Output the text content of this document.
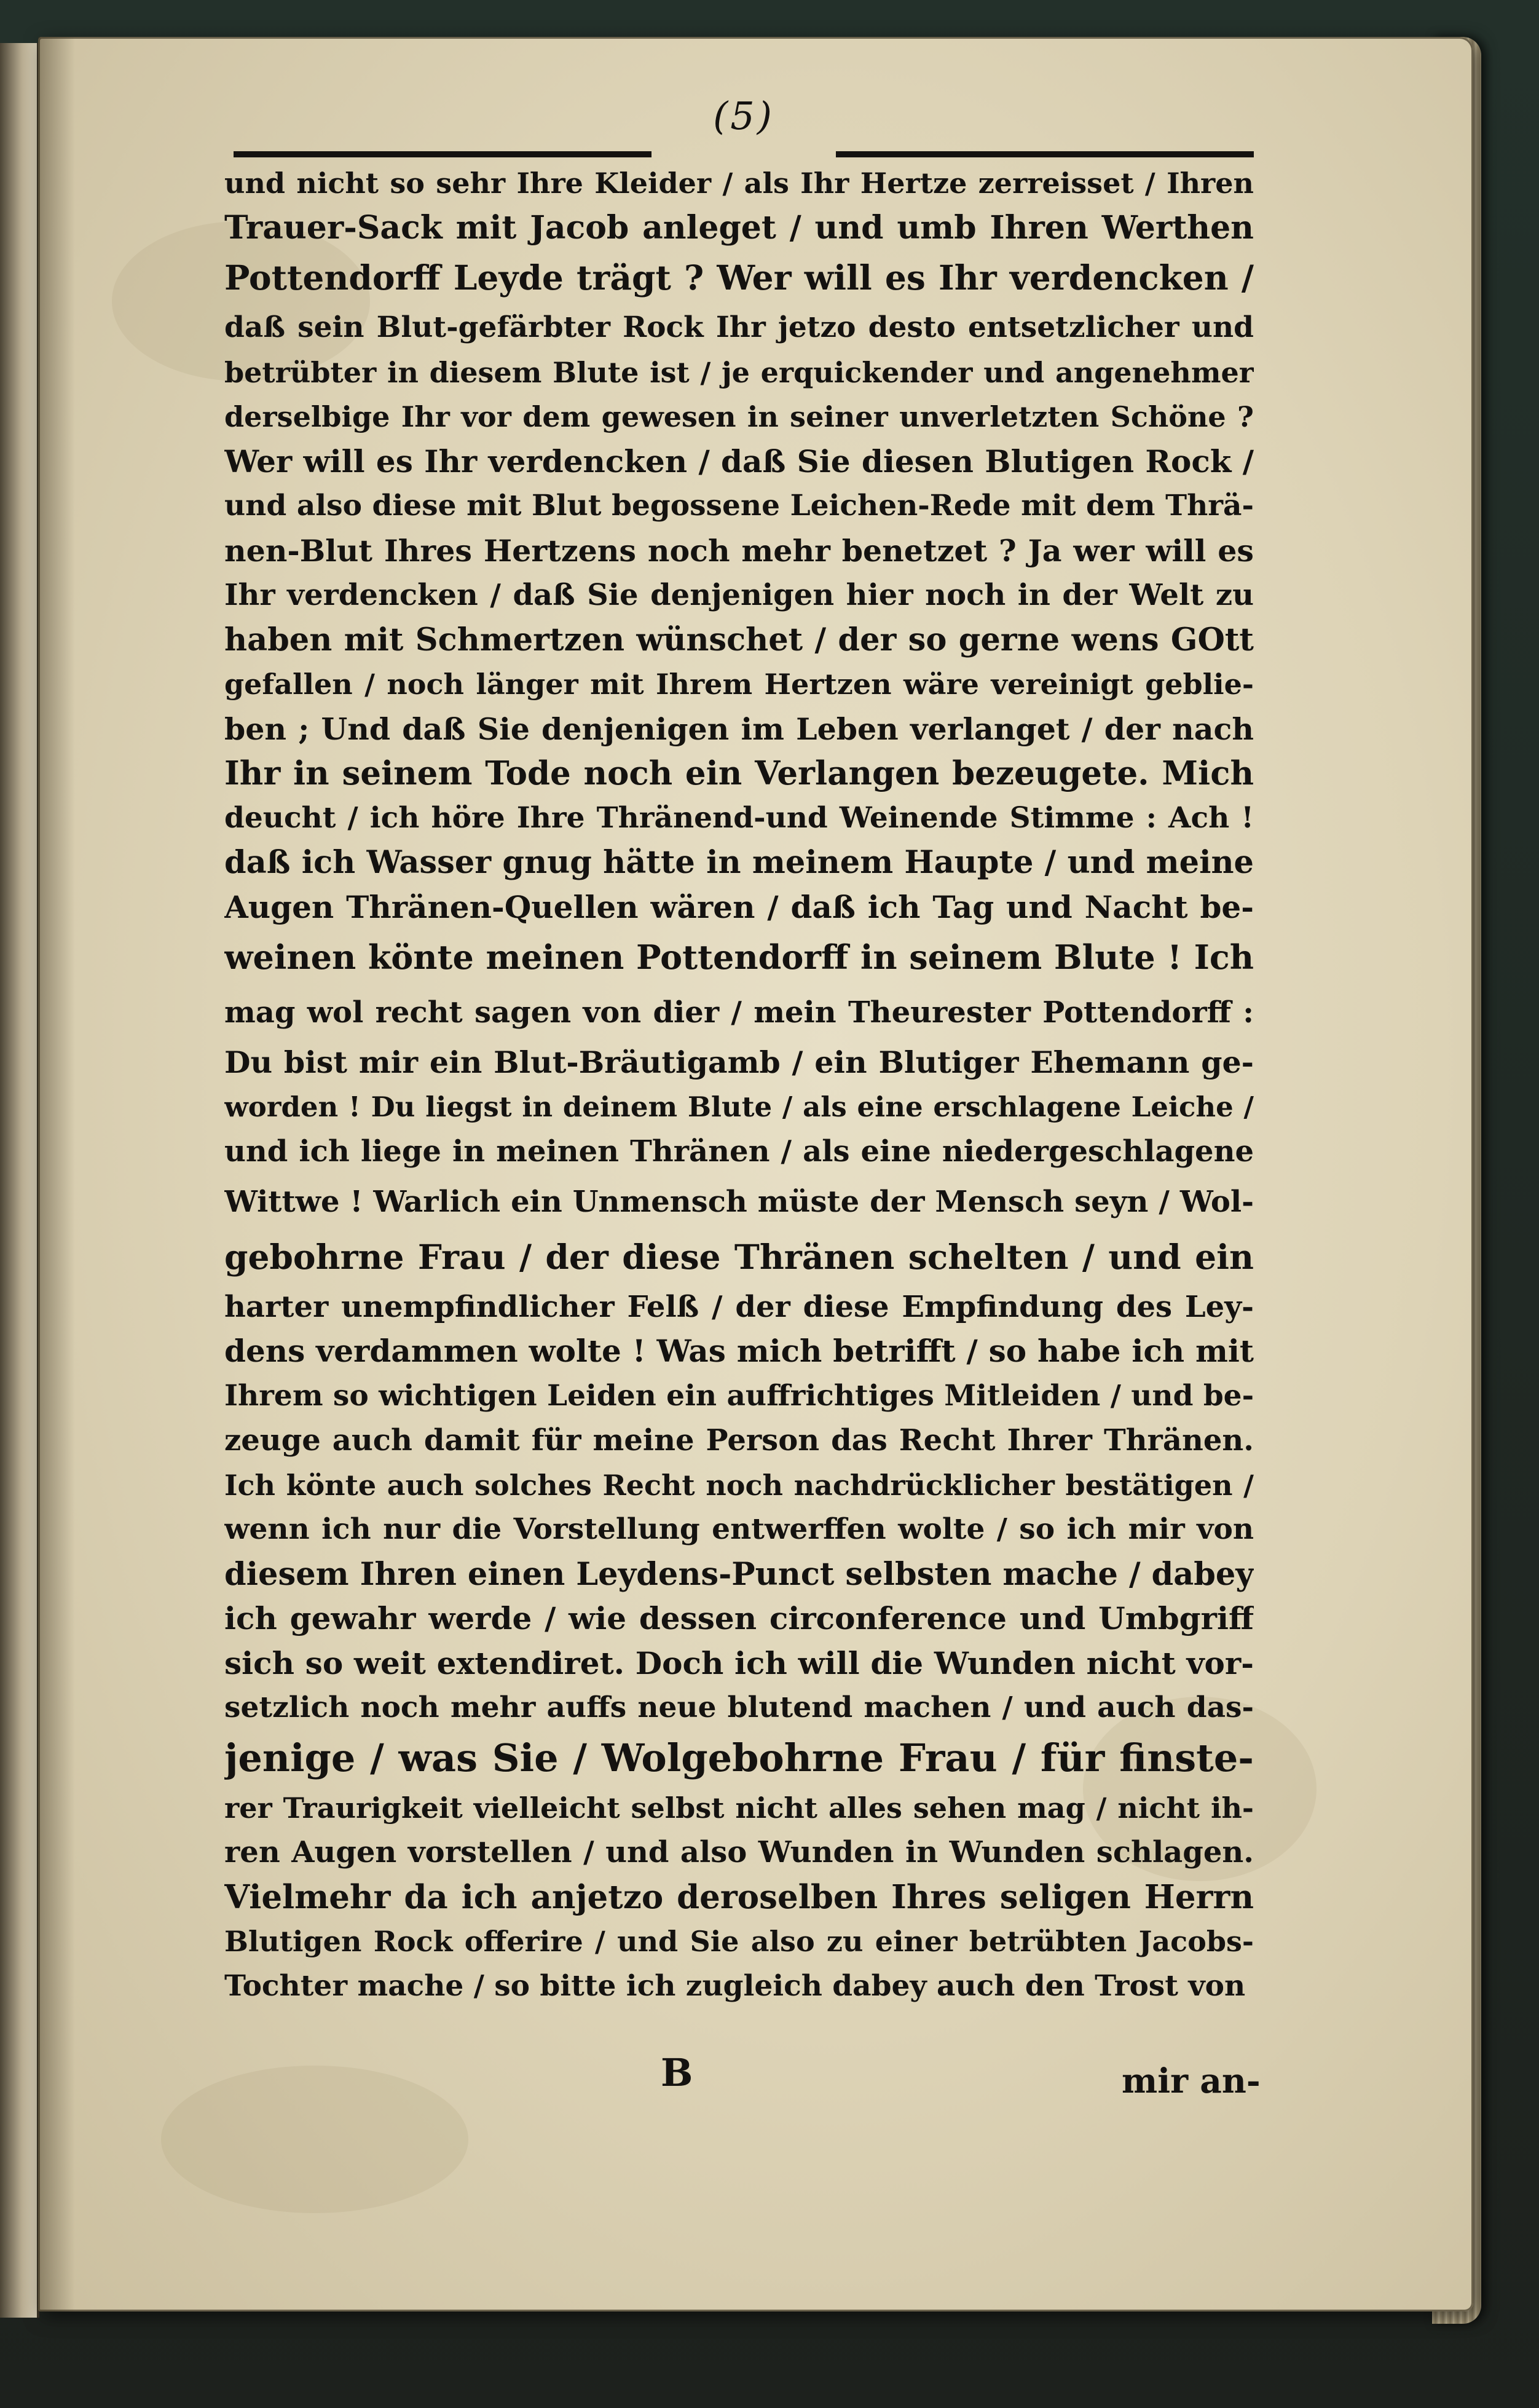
(5)
und nicht so sehr Ihre Kleider / als Ihr Hertze zerreisset / Ihren
Trauer-Sack mit Jacob anleget / und umb Ihren Werthen
Pottendorff Leyde trägt ? Wer will es Ihr verdencken /
daß sein Blut-gefärbter Rock Ihr jetzo desto entsetzlicher und
betrübter in diesem Blute ist / je erquickender und angenehmer
derselbige Ihr vor dem gewesen in seiner unverletzten Schöne ?
Wer will es Ihr verdencken / daß Sie diesen Blutigen Rock /
und also diese mit Blut begossene Leichen-Rede mit dem Thrä-
nen-Blut Ihres Hertzens noch mehr benetzet ? Ja wer will es
Ihr verdencken / daß Sie denjenigen hier noch in der Welt zu
haben mit Schmertzen wünschet / der so gerne wens GOtt
gefallen / noch länger mit Ihrem Hertzen wäre vereinigt geblie-
ben ; Und daß Sie denjenigen im Leben verlanget / der nach
Ihr in seinem Tode noch ein Verlangen bezeugete. Mich
deucht / ich höre Ihre Thränend-und Weinende Stimme : Ach !
daß ich Wasser gnug hätte in meinem Haupte / und meine
Augen Thränen-Quellen wären / daß ich Tag und Nacht be-
weinen könte meinen Pottendorff in seinem Blute ! Ich
mag wol recht sagen von dier / mein Theurester Pottendorff :
Du bist mir ein Blut-Bräutigamb / ein Blutiger Ehemann ge-
worden ! Du liegst in deinem Blute / als eine erschlagene Leiche /
und ich liege in meinen Thränen / als eine niedergeschlagene
Wittwe ! Warlich ein Unmensch müste der Mensch seyn / Wol-
gebohrne Frau / der diese Thränen schelten / und ein
harter unempfindlicher Felß / der diese Empfindung des Ley-
dens verdammen wolte ! Was mich betrifft / so habe ich mit
Ihrem so wichtigen Leiden ein auffrichtiges Mitleiden / und be-
zeuge auch damit für meine Person das Recht Ihrer Thränen.
Ich könte auch solches Recht noch nachdrücklicher bestätigen /
wenn ich nur die Vorstellung entwerffen wolte / so ich mir von
diesem Ihren einen Leydens-Punct selbsten mache / dabey
ich gewahr werde / wie dessen circonference und Umbgriff
sich so weit extendiret. Doch ich will die Wunden nicht vor-
setzlich noch mehr auffs neue blutend machen / und auch das-
jenige / was Sie / Wolgebohrne Frau / für finste-
rer Traurigkeit vielleicht selbst nicht alles sehen mag / nicht ih-
ren Augen vorstellen / und also Wunden in Wunden schlagen.
Vielmehr da ich anjetzo deroselben Ihres seligen Herrn
Blutigen Rock offerire / und Sie also zu einer betrübten Jacobs-
Tochter mache / so bitte ich zugleich dabey auch den Trost von
B	mir an-
